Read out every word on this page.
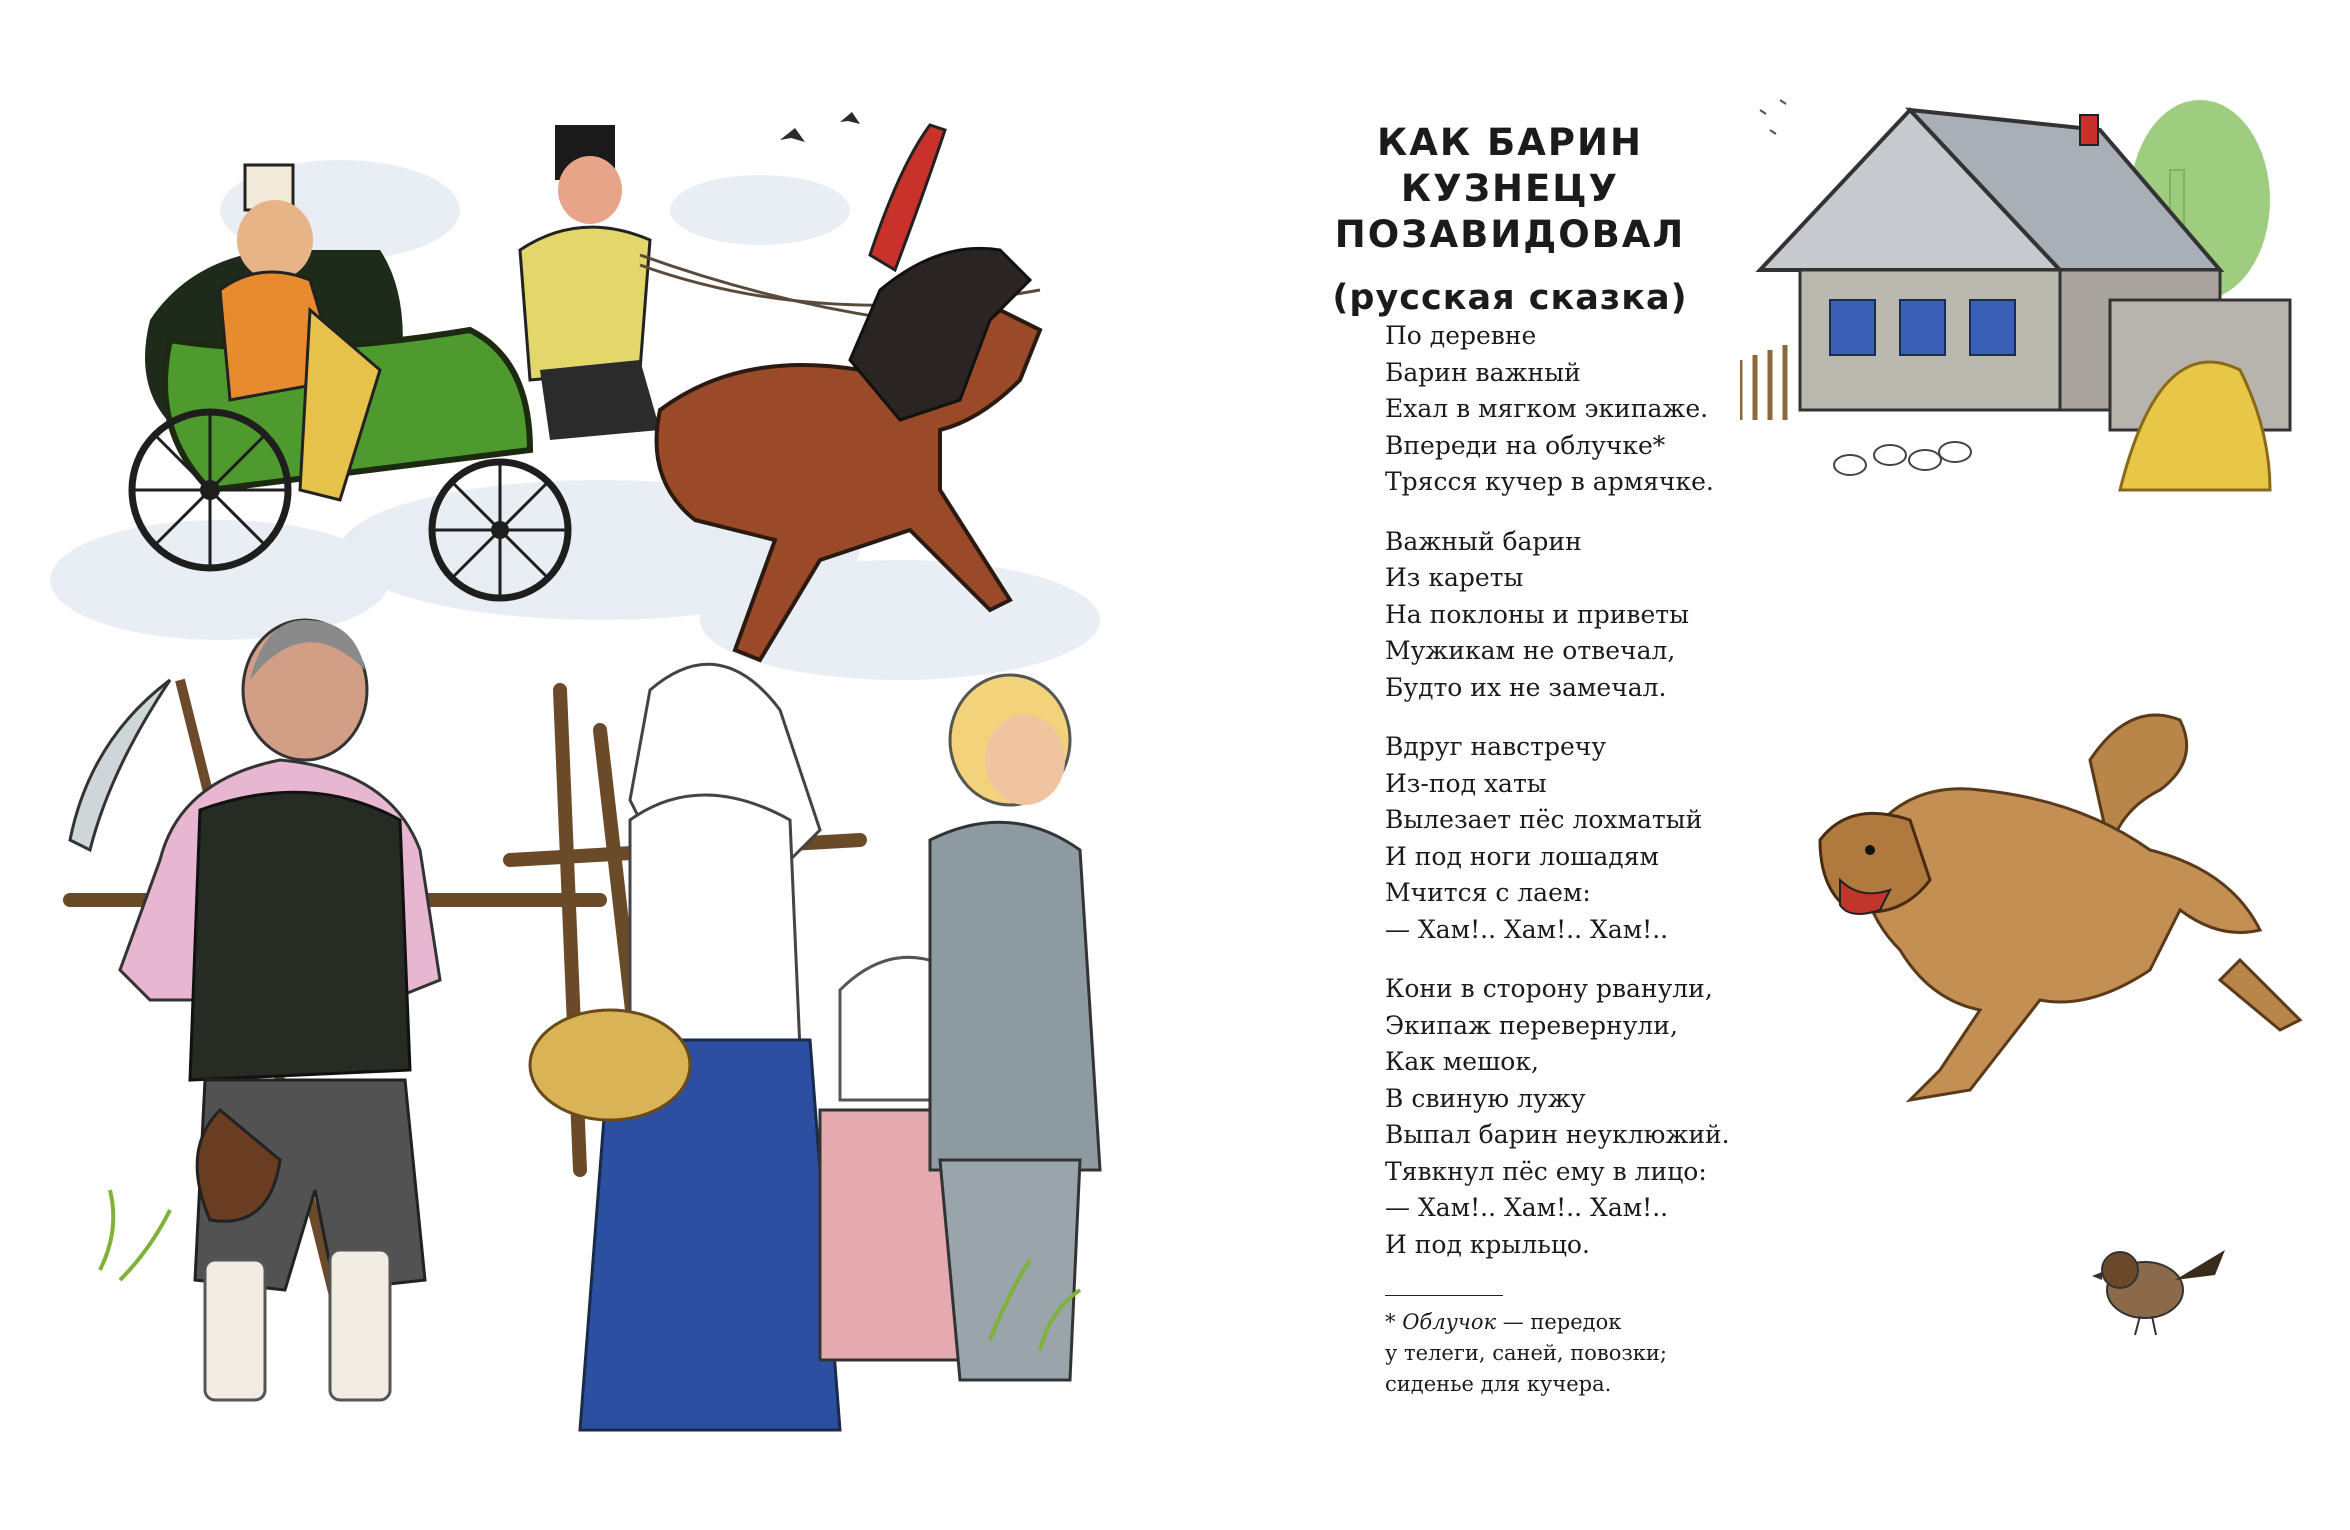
КАК БАРИН
КУЗНЕЦУ ПОЗАВИДОВАЛ
(русская сказка)
По деревне
Барин важный
Ехал в мягком экипаже.
Впереди на облучке*
Трясся кучер в армячке.
Важный барин
Из кареты
На поклоны и приветы
Мужикам не отвечал,
Будто их не замечал.
Вдруг навстречу
Из-под хаты
Вылезает пёс лохматый
И под ноги лошадям
Мчится с лаем:
— Хам!.. Хам!.. Хам!..
Кони в сторону рванули,
Экипаж перевернули,
Как мешок,
В свиную лужу
Выпал барин неуклюжий.
Тявкнул пёс ему в лицо:
— Хам!.. Хам!.. Хам!..
И под крыльцо.
* Облучок — передок
у телеги, саней, повозки;
сиденье для кучера.
